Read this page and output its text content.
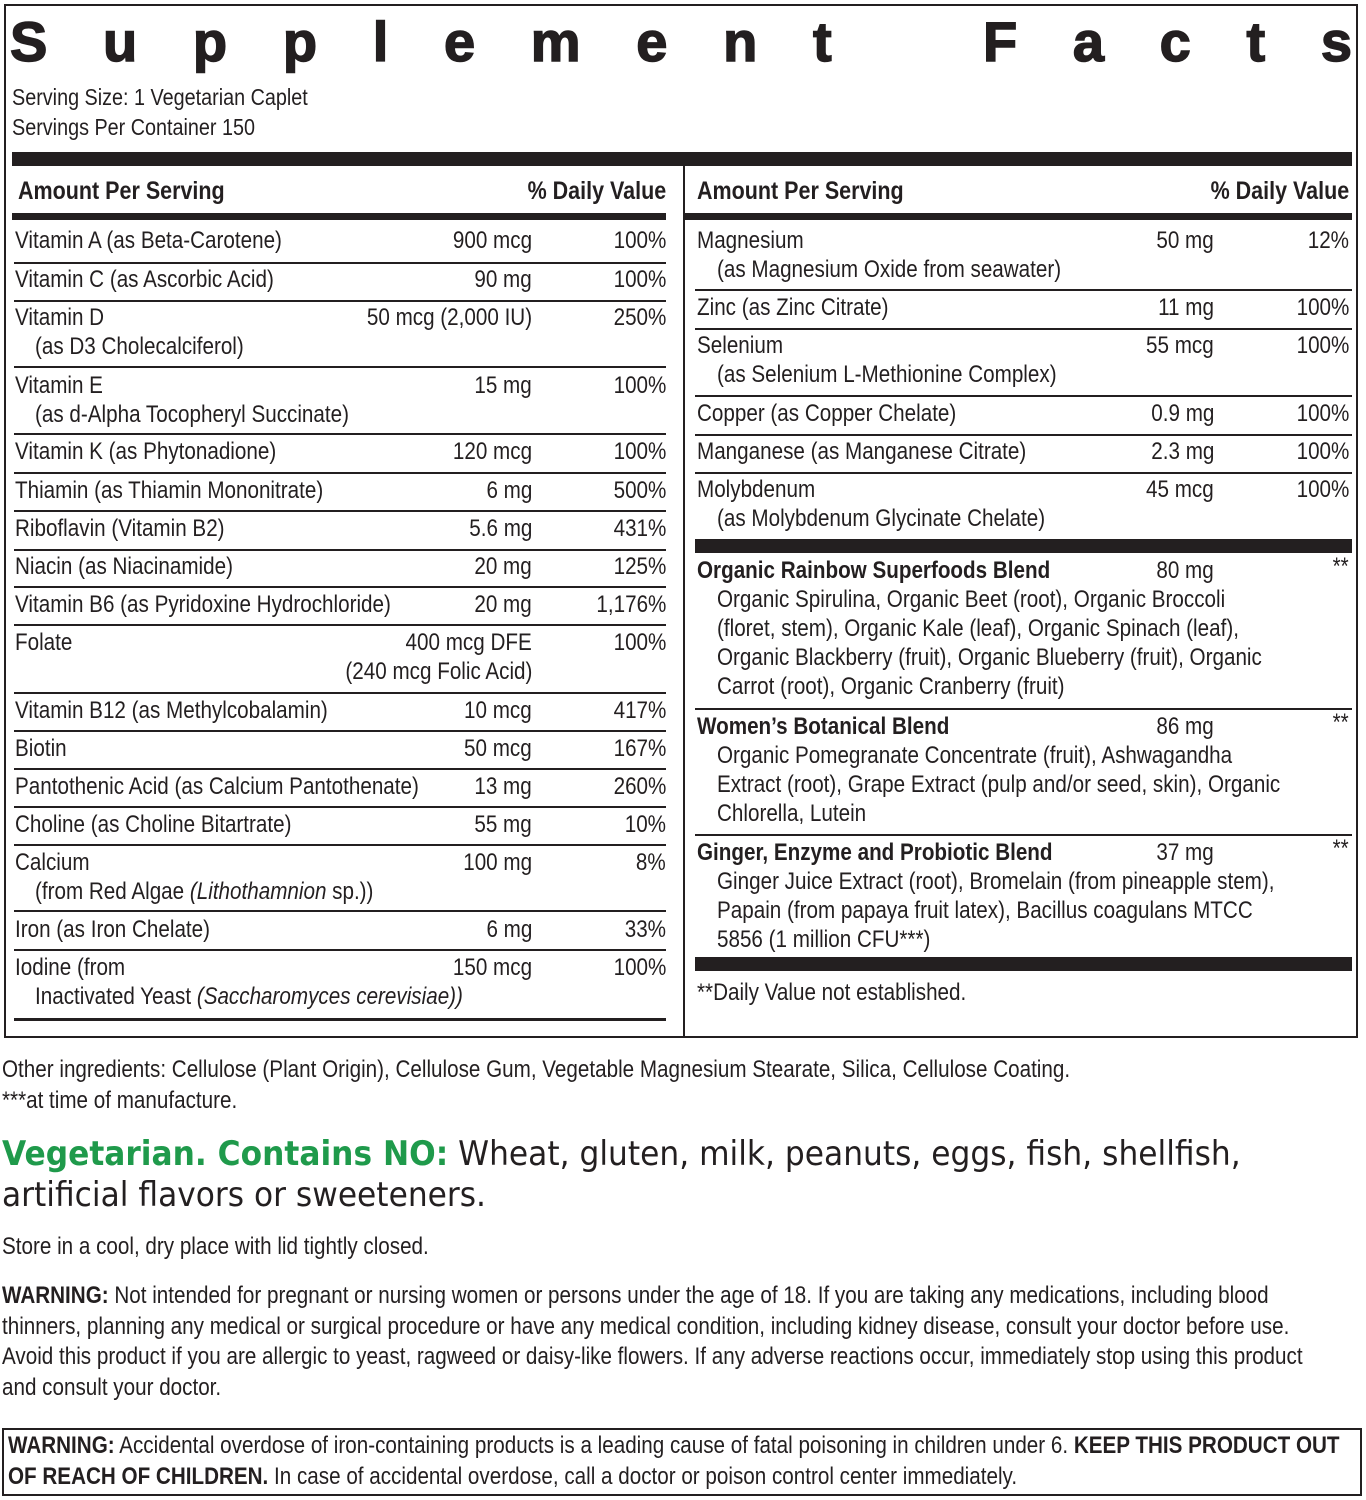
S u p p l e m e n t	F a c t s
Serving Size: 1 Vegetarian Caplet
Servings Per Container 150
Amount Per Serving	% Daily Value Amount Per Serving	% Daily Value
Vitamin A (as Beta-Carotene)	900 mcg	100%
Vitamin C (as Ascorbic Acid)	90 mg	100%
Vitamin D	50 mcg (2,000 IU)	250%
(as D3 Cholecalciferol)
Vitamin E	15 mg	100%
(as d-Alpha Tocopheryl Succinate)
Vitamin K (as Phytonadione)	120 mcg	100%
Thiamin (as Thiamin Mononitrate)	6 mg	500%
Riboflavin (Vitamin B2)	5.6 mg	431%
Niacin (as Niacinamide)	20 mg	125%
Vitamin B6 (as Pyridoxine Hydrochloride)	20 mg	1,176%
Folate	400 mcg DFE	100%
(240 mcg Folic Acid)
Vitamin B12 (as Methylcobalamin)	10 mcg	417%
Biotin	50 mcg	167%
Pantothenic Acid (as Calcium Pantothenate)	13 mg	260%
Choline (as Choline Bitartrate)	55 mg	10%
Calcium	100 mg	8%
(from Red Algae (Lithothamnion sp.))
Iron (as Iron Chelate)	6 mg	33%
Iodine (from	150 mcg	100%
Inactivated Yeast (Saccharomyces cerevisiae))
Magnesium	50 mg	12%
(as Magnesium Oxide from seawater)
Zinc (as Zinc Citrate)	11 mg	100%
Selenium	55 mcg	100%
(as Selenium L-Methionine Complex)
Copper (as Copper Chelate)	0.9 mg	100%
Manganese (as Manganese Citrate)	2.3 mg	100%
Molybdenum	45 mcg	100%
(as Molybdenum Glycinate Chelate)
Organic Rainbow Superfoods Blend	80 mg	**
Organic Spirulina, Organic Beet (root), Organic Broccoli
(floret, stem), Organic Kale (leaf), Organic Spinach (leaf),
Organic Blackberry (fruit), Organic Blueberry (fruit), Organic
Carrot (root), Organic Cranberry (fruit)
Women’s Botanical Blend	86 mg	**
Organic Pomegranate Concentrate (fruit), Ashwagandha
Extract (root), Grape Extract (pulp and/or seed, skin), Organic
Chlorella, Lutein
Ginger, Enzyme and Probiotic Blend	37 mg	**
Ginger Juice Extract (root), Bromelain (from pineapple stem),
Papain (from papaya fruit latex), Bacillus coagulans MTCC
5856 (1 million CFU***)
**Daily Value not established.
Other ingredients: Cellulose (Plant Origin), Cellulose Gum, Vegetable Magnesium Stearate, Silica, Cellulose Coating.
***at time of manufacture.
Vegetarian. Contains NO: Wheat, gluten, milk, peanuts, eggs, fish, shellfish, artificial flavors or sweeteners.
Store in a cool, dry place with lid tightly closed.
WARNING: Not intended for pregnant or nursing women or persons under the age of 18. If you are taking any medications, including blood thinners, planning any medical or surgical procedure or have any medical condition, including kidney disease, consult your doctor before use. Avoid this product if you are allergic to yeast, ragweed or daisy-like flowers. If any adverse reactions occur, immediately stop using this product and consult your doctor.
WARNING: Accidental overdose of iron-containing products is a leading cause of fatal poisoning in children under 6. KEEP THIS PRODUCT OUT OF REACH OF CHILDREN. In case of accidental overdose, call a doctor or poison control center immediately.
